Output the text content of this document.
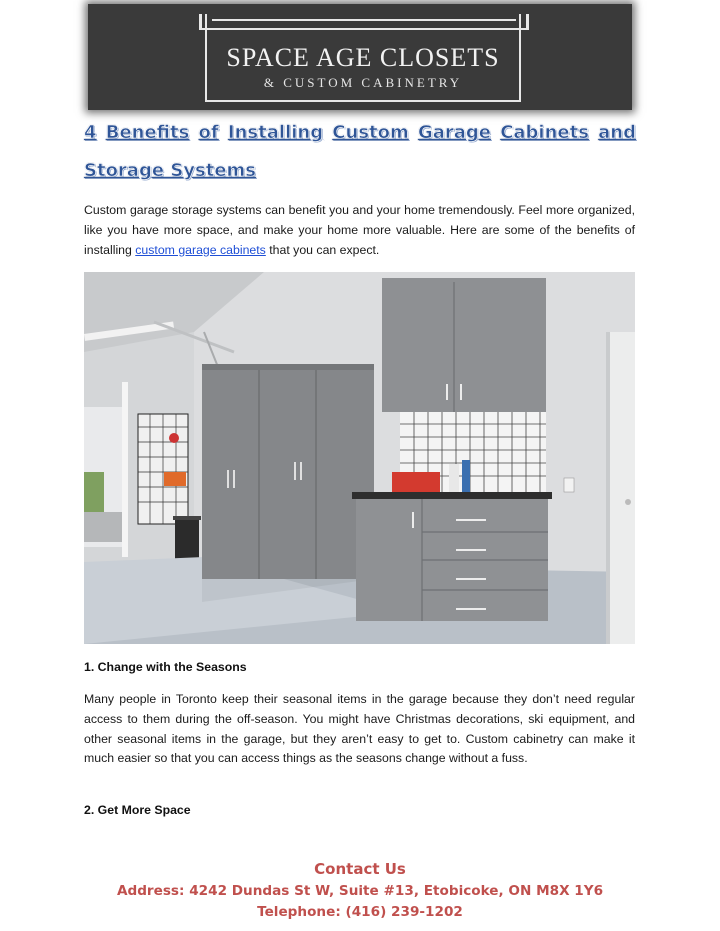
SPACE AGE CLOSETS
& CUSTOM CABINETRY
4 Benefits of Installing Custom Garage Cabinets and
Storage Systems

Custom garage storage systems can benefit you and your home tremendously. Feel more organized, like you have more space, and make your home more valuable. Here are some of the benefits of installing custom garage cabinets that you can expect.

1. Change with the Seasons

Many people in Toronto keep their seasonal items in the garage because they don’t need regular access to them during the off-season. You might have Christmas decorations, ski equipment, and other seasonal items in the garage, but they aren’t easy to get to. Custom cabinetry can make it much easier so that you can access things as the seasons change without a fuss.

2. Get More Space
Contact Us
Address: 4242 Dundas St W, Suite #13, Etobicoke, ON M8X 1Y6
Telephone: (416) 239-1202
